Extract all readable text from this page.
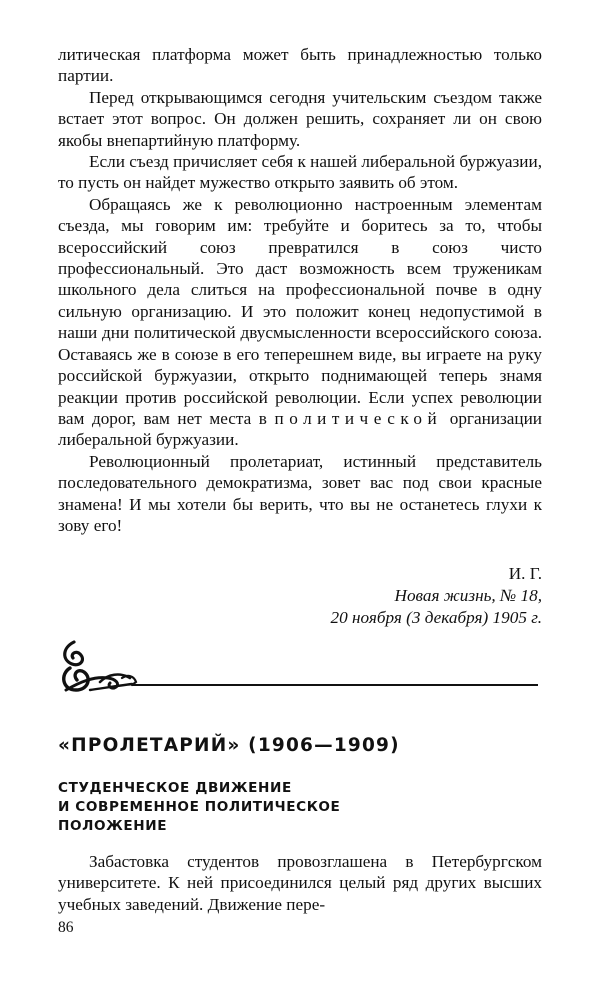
литическая платформа может быть принадлежностью только партии.

Перед открывающимся сегодня учительским съездом также встает этот вопрос. Он должен решить, сохраняет ли он свою якобы внепартийную платформу.

Если съезд причисляет себя к нашей либеральной буржуазии, то пусть он найдет мужество открыто заявить об этом.

Обращаясь же к революционно настроенным элементам съезда, мы говорим им: требуйте и боритесь за то, чтобы всероссийский союз превратился в союз чисто профессиональный. Это даст возможность всем труженикам школьного дела слиться на профессиональной почве в одну сильную организацию. И это положит конец недопустимой в наши дни политической двусмысленности всероссийского союза. Оставаясь же в союзе в его теперешнем виде, вы играете на руку российской буржуазии, открыто поднимающей теперь знамя реакции против российской революции. Если успех революции вам дорог, вам нет места в политической организации либеральной буржуазии.

Революционный пролетариат, истинный представитель последовательного демократизма, зовет вас под свои красные знамена! И мы хотели бы верить, что вы не останетесь глухи к зову его!

И. Г.
Новая жизнь, № 18,
20 ноября (3 декабря) 1905 г.
«ПРОЛЕТАРИЙ» (1906—1909)
СТУДЕНЧЕСКОЕ ДВИЖЕНИЕ
И СОВРЕМЕННОЕ ПОЛИТИЧЕСКОЕ
ПОЛОЖЕНИЕ

Забастовка студентов провозглашена в Петербургском университете. К ней присоединился целый ряд других высших учебных заведений. Движение пере-

86
